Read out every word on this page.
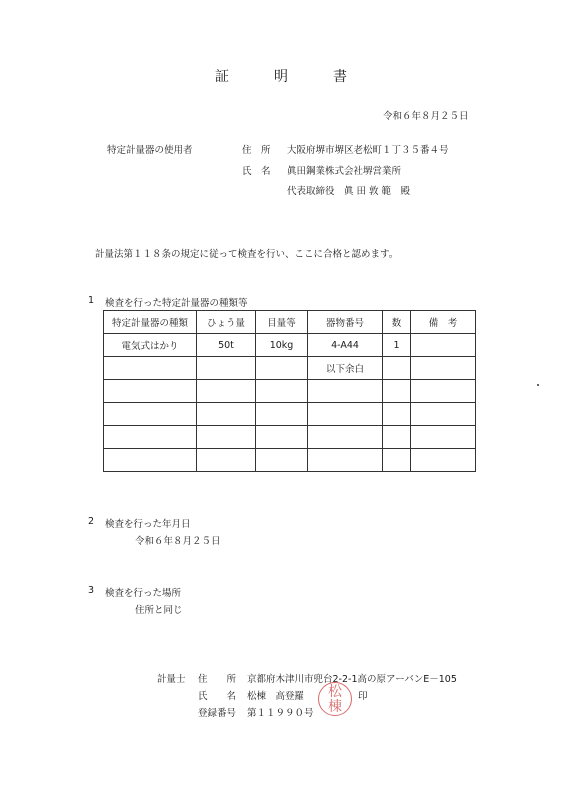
証	明	書
令和６年８月２５日
特定計量器の使用者	住　所 大阪府堺市堺区老松町１丁３５番４号
氏　名 眞田鋼業株式会社堺営業所
代表取締役　眞 田 敦 範　殿
計量法第１１８条の規定に従って検査を行い、ここに合格と認めます。
1 検査を行った特定計量器の種類等
特定計量器の種類	ひょう量	目量等	器物番号	数	備　考
電気式はかり	50t	10kg	4-A44	1	
			以下余白		

2 検査を行った年月日
令和６年８月２５日
3 検査を行った場所
住所と同じ
計量士 住　　所 京都府木津川市兜台2-2-1高の原アーバンE－105
氏　　名 松棟　高登羅	印
登録番号 第１１９９０号
松
棟
